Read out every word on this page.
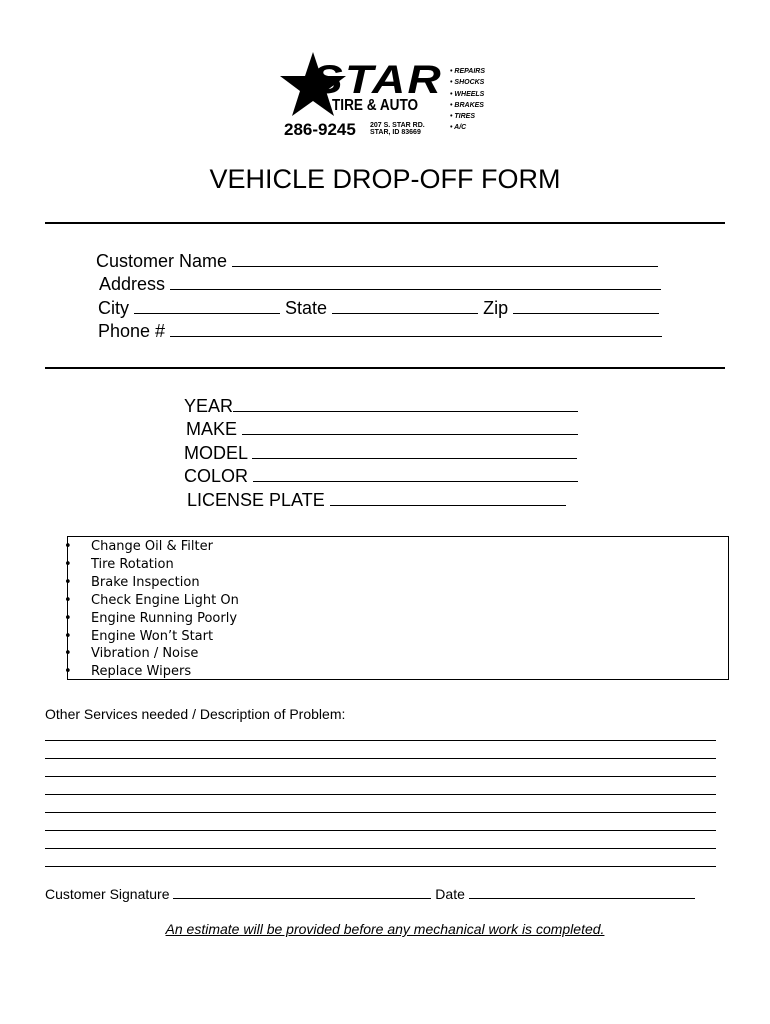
STAR
TIRE & AUTO
286-9245 207 S. STAR RD.
STAR, ID 83669
• REPAIRS
• SHOCKS
• WHEELS
• BRAKES
• TIRES
• A/C
VEHICLE DROP-OFF FORM
Customer Name
Address
City	State	Zip
Phone #
YEAR
MAKE
MODEL
COLOR
LICENSE PLATE
• Change Oil & Filter
• Tire Rotation
• Brake Inspection
• Check Engine Light On
• Engine Running Poorly
• Engine Won’t Start
• Vibration / Noise
• Replace Wipers
Other Services needed / Description of Problem:
Customer Signature	Date
An estimate will be provided before any mechanical work is completed.
